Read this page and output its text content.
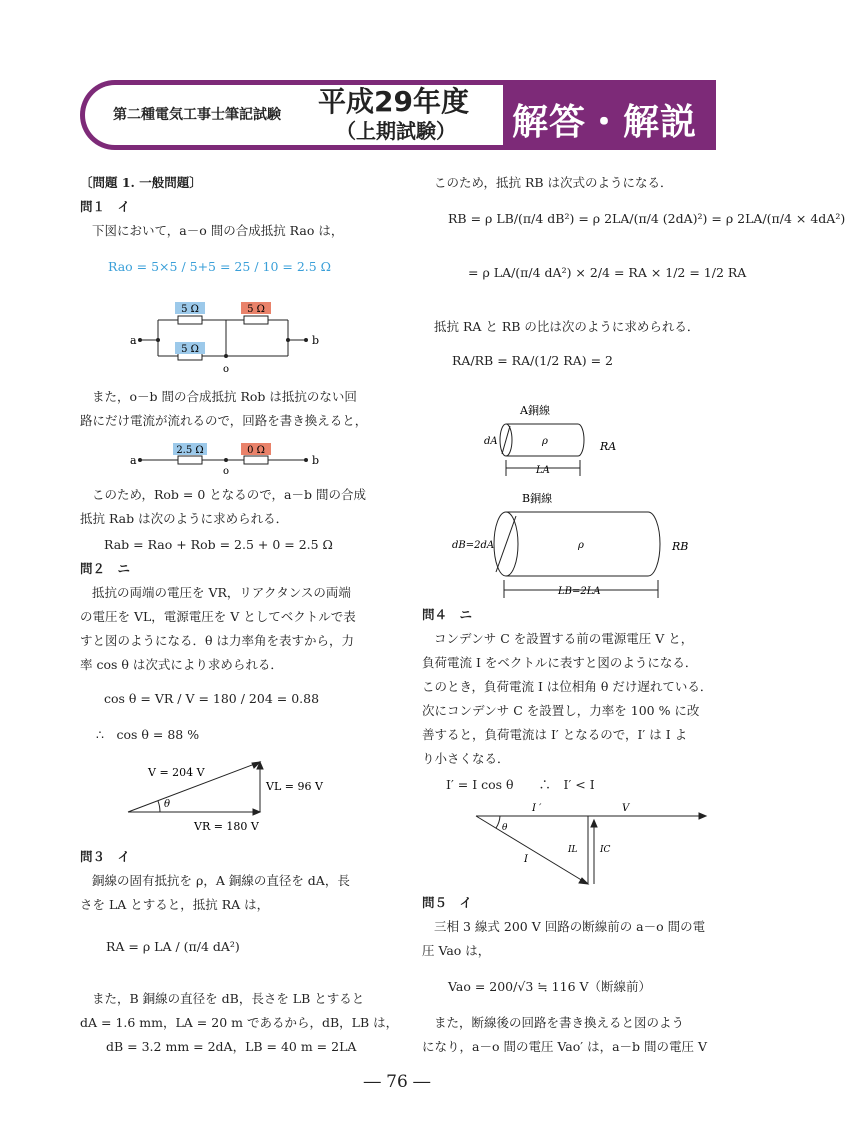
第二種電気工事士筆記試験 平成29年度
（上期試験） 解答・解説
〔問題 1. 一般問題〕
問１　イ
下図において，a－o 間の合成抵抗 Rao は，
Rao = 5×5 / 5+5 = 25 / 10 = 2.5 Ω
5 Ω	5 Ω
5 Ω
a	b
o
また，o－b 間の合成抵抗 Rob は抵抗のない回
路にだけ電流が流れるので，回路を書き換えると，
2.5 Ω	0 Ω
a	b
o
このため，Rob = 0 となるので，a－b 間の合成
抵抗 Rab は次のように求められる．
Rab = Rao + Rob = 2.5 + 0 = 2.5 Ω
問２　ニ
抵抗の両端の電圧を VR，リアクタンスの両端
の電圧を VL，電源電圧を V としてベクトルで表
すと図のようになる．θ は力率角を表すから，力
率 cos θ は次式により求められる．
cos θ = VR / V = 180 / 204 = 0.88
∴　cos θ = 88 %
θ
V = 204 V
VL = 96 V
VR = 180 V
問３　イ
銅線の固有抵抗を ρ，A 銅線の直径を dA，長
さを LA とすると，抵抗 RA は，
RA = ρ LA / (π/4 dA²)
また，B 銅線の直径を dB，長さを LB とすると
dA = 1.6 mm，LA = 20 m であるから，dB，LB は，
dB = 3.2 mm = 2dA，LB = 40 m = 2LA
このため，抵抗 RB は次式のようになる．
RB = ρ LB/(π/4 dB²) = ρ 2LA/(π/4 (2dA)²) = ρ 2LA/(π/4 × 4dA²)
= ρ LA/(π/4 dA²) × 2/4 = RA × 1/2 = 1/2 RA
抵抗 RA と RB の比は次のように求められる．
RA/RB = RA/(1/2 RA) = 2
A銅線
dA	ρ	RA
LA
B銅線
dB=2dA	ρ	RB
LB=2LA
問４　ニ
コンデンサ C を設置する前の電源電圧 V と，
負荷電流 I をベクトルに表すと図のようになる．
このとき，負荷電流 I は位相角 θ だけ遅れている．
次にコンデンサ C を設置し，力率を 100 % に改
善すると，負荷電流は I′ となるので，I′ は I よ
り小さくなる．
I′ = I cos θ　　∴　I′ < I
θ
I ′	V
I
IL IC
問５　イ
三相 3 線式 200 V 回路の断線前の a－o 間の電
圧 Vao は，
Vao = 200/√3 ≒ 116 V（断線前）
また，断線後の回路を書き換えると図のよう
になり，a－o 間の電圧 Vao′ は，a－b 間の電圧 V
― 76 ―
